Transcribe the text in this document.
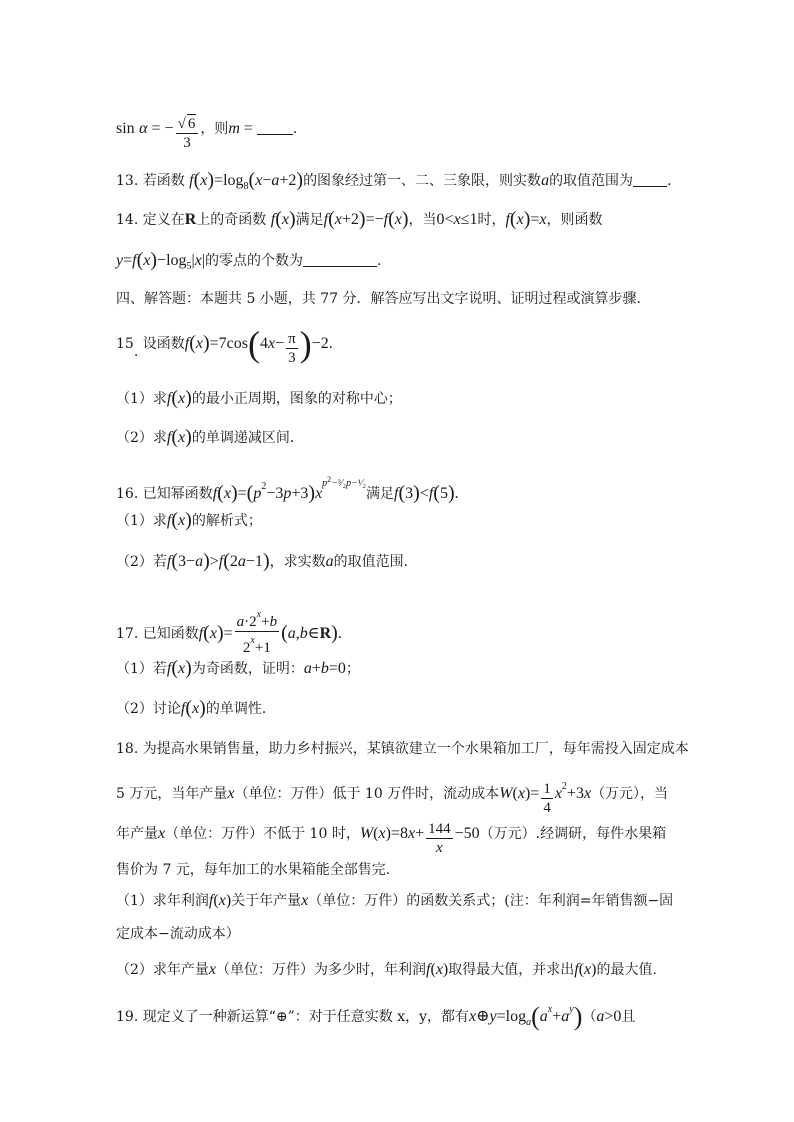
sin α = − $\frac{√ 6}{3}$ ，则m =	.
13. 若函数 $f(x)=\log_8(x-a+2)$的图象经过第一、二、三象限，则实数a的取值范围为 .
14. 定义在R上的奇函数 f(x)满足f(x+2)=−f(x)，当0<x≤1时，f(x)=x，则函数
$y=f(x)-\log_5|x|$的零点的个数为	.
四、解答题：本题共 5 小题，共 77 分．解答应写出文字说明、证明过程或演算步骤．
15. 设函数$f(x)=7\cos(4x- \frac{\pi}{3} )-2$.
（1）求f(x)的最小正周期，图象的对称中心；
（2）求f(x)的单调递减区间．
16. 已知幂函数$f(x)=(p^2-3p+3)x^{p^2-^3⁄_2p-^1⁄_2}$满足f(3)<f(5).
（1）求f(x)的解析式；
（2）若f(3−a)>f(2a−1)，求实数a的取值范围．
17. 已知函数$f(x)= \frac{a\cdot 2^x+b}{2^x+1}$ (a,b∈R).
（1）若f(x)为奇函数，证明：a+b=0；
（2）讨论f(x)的单调性．
18. 为提高水果销售量，助力乡村振兴，某镇欲建立一个水果箱加工厂，每年需投入固定成本
5 万元，当年产量x（单位：万件）低于 10 万件时，流动成本$W(x)= \frac{1}{4} x^2+3x$（万元），当
年产量x（单位：万件）不低于 10 时，$W(x)=8x+ \frac{144}{x} -50$（万元）.经调研，每件水果箱
售价为 7 元，每年加工的水果箱能全部售完.
（1）求年利润f(x)关于年产量x（单位：万件）的函数关系式；(注：年利润=年销售额−固
定成本−流动成本）
（2）求年产量x（单位：万件）为多少时，年利润f(x)取得最大值，并求出f(x)的最大值.
19. 现定义了一种新运算“⊕”：对于任意实数 x，y，都有$x\oplus y=\log_a(a^x+a^y)(a>0$且
